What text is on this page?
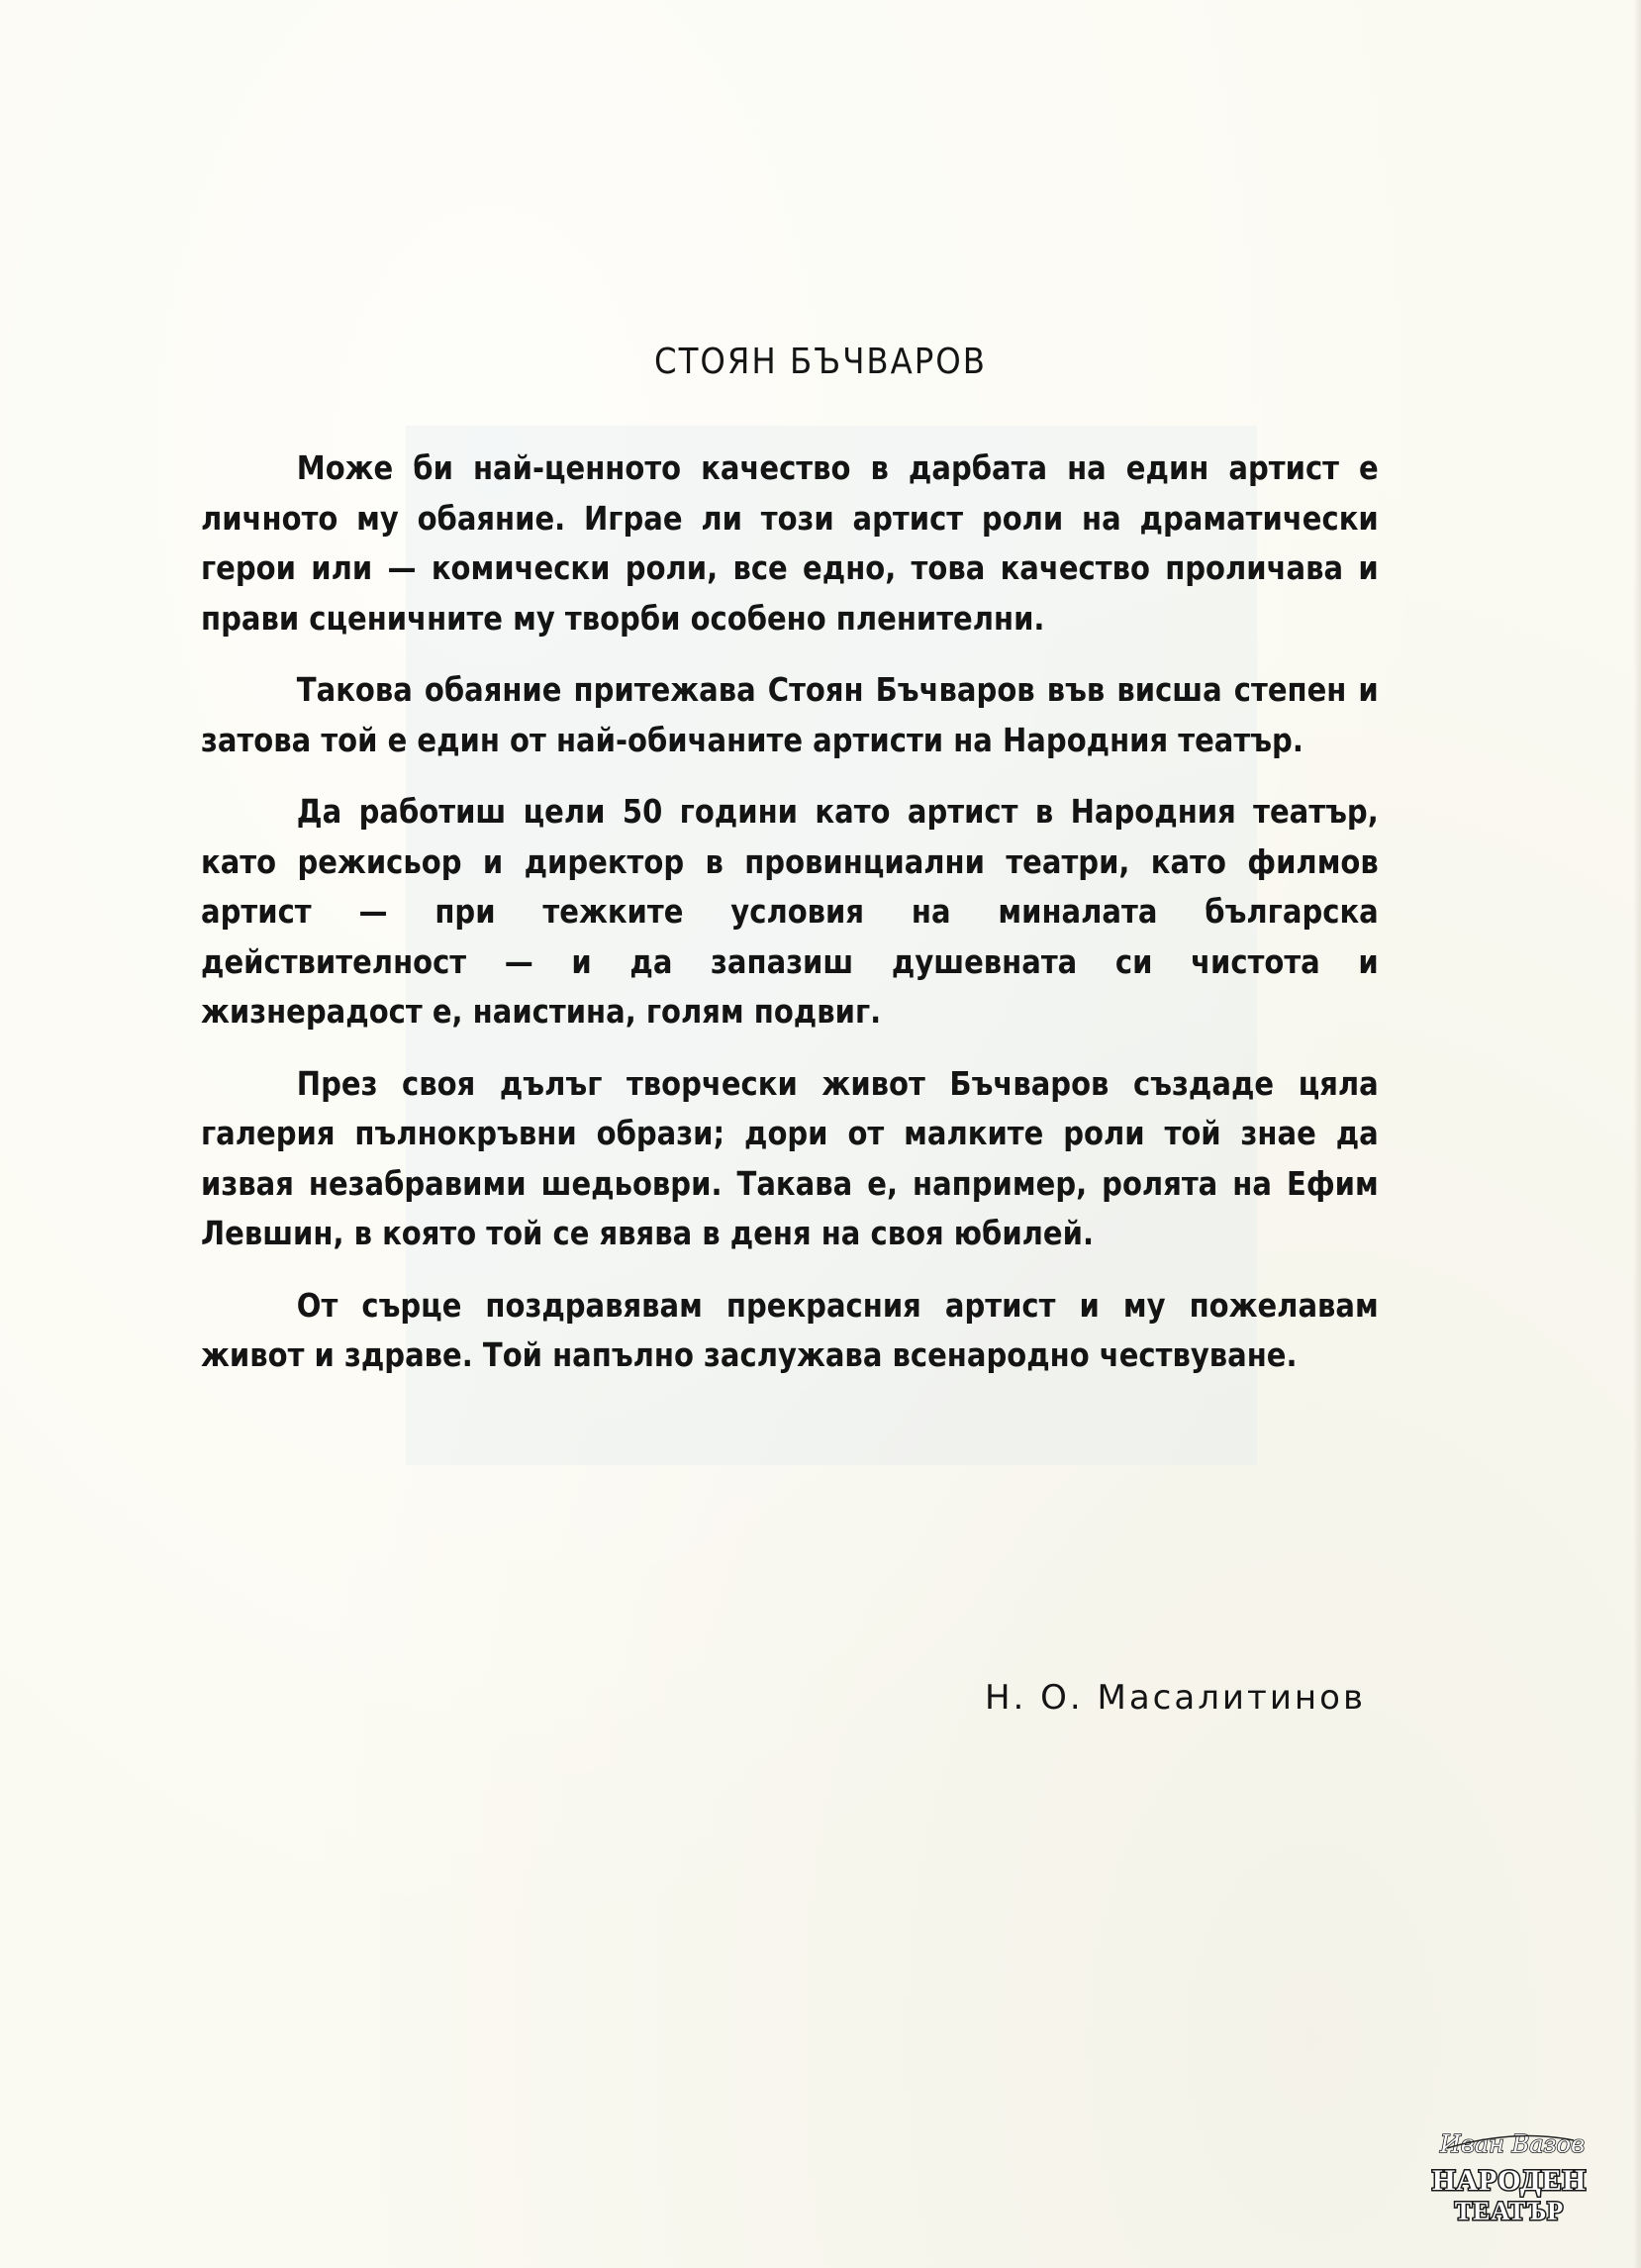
СТОЯН БЪЧВАРОВ

Може би най-ценното качество в дарбата на един артист е личното му обаяние. Играе ли този артист роли на драматически герои или — комически роли, все едно, това качество проличава и прави сценичните му творби особено пленителни.

Такова обаяние притежава Стоян Бъчваров във висша степен и затова той е един от най-обичаните артисти на Народния театър.

Да работиш цели 50 години като артист в Народния театър, като режисьор и директор в провинциални театри, като филмов артист — при тежките условия на миналата българска действителност — и да запазиш душевната си чистота и жизнерадост е, наистина, голям подвиг.

През своя дълъг творчески живот Бъчваров създаде цяла галерия пълнокръвни образи; дори от малките роли той знае да извая незабравими шедьоври. Такава е, например, ролята на Ефим Левшин, в която той се явява в деня на своя юбилей.

От сърце поздравявам прекрасния артист и му пожелавам живот и здраве. Той напълно заслужава всенародно чествуване.

Н. О. Масалитинов
Иван Вазов
НАРОДЕН
ТЕАТЪР
